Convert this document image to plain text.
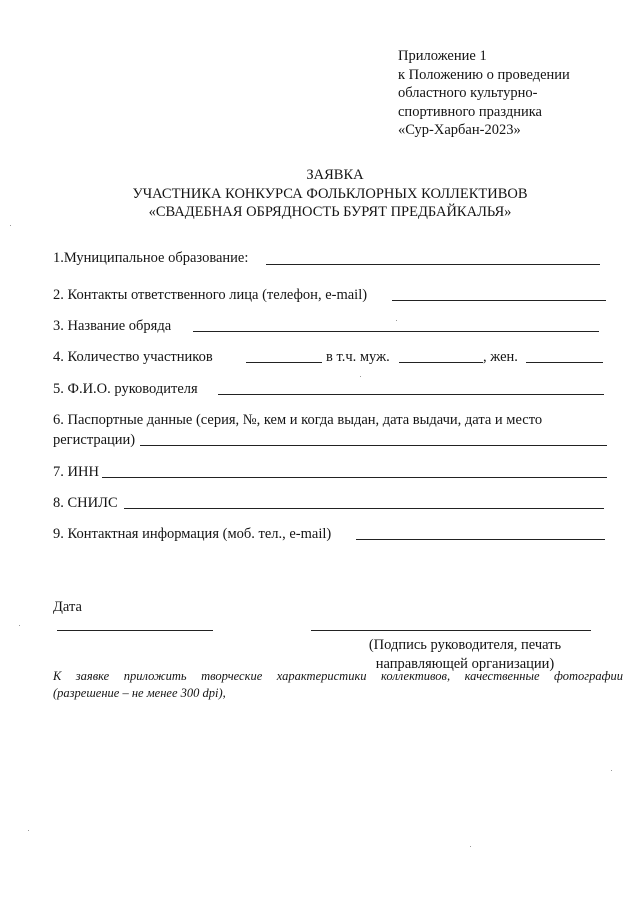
Приложение 1
к Положению о проведении
областного культурно-
спортивного праздника
«Сур-Харбан-2023»
ЗАЯВКА
УЧАСТНИКА КОНКУРСА ФОЛЬКЛОРНЫХ КОЛЛЕКТИВОВ
«СВАДЕБНАЯ ОБРЯДНОСТЬ БУРЯТ ПРЕДБАЙКАЛЬЯ»
1.Муниципальное образование:
2. Контакты ответственного лица (телефон, e-mail)
3. Название обряда
4. Количество участников	в т.ч. муж.	, жен.
5. Ф.И.О. руководителя
6. Паспортные данные (серия, №, кем и когда выдан, дата выдачи, дата и место
регистрации)
7. ИНН
8. СНИЛС
9. Контактная информация (моб. тел., e-mail)
Дата
(Подпись руководителя, печать
направляющей организации)
К заявке приложить творческие характеристики коллективов, качественные фотографии
(разрешение – не менее 300 dpi),
